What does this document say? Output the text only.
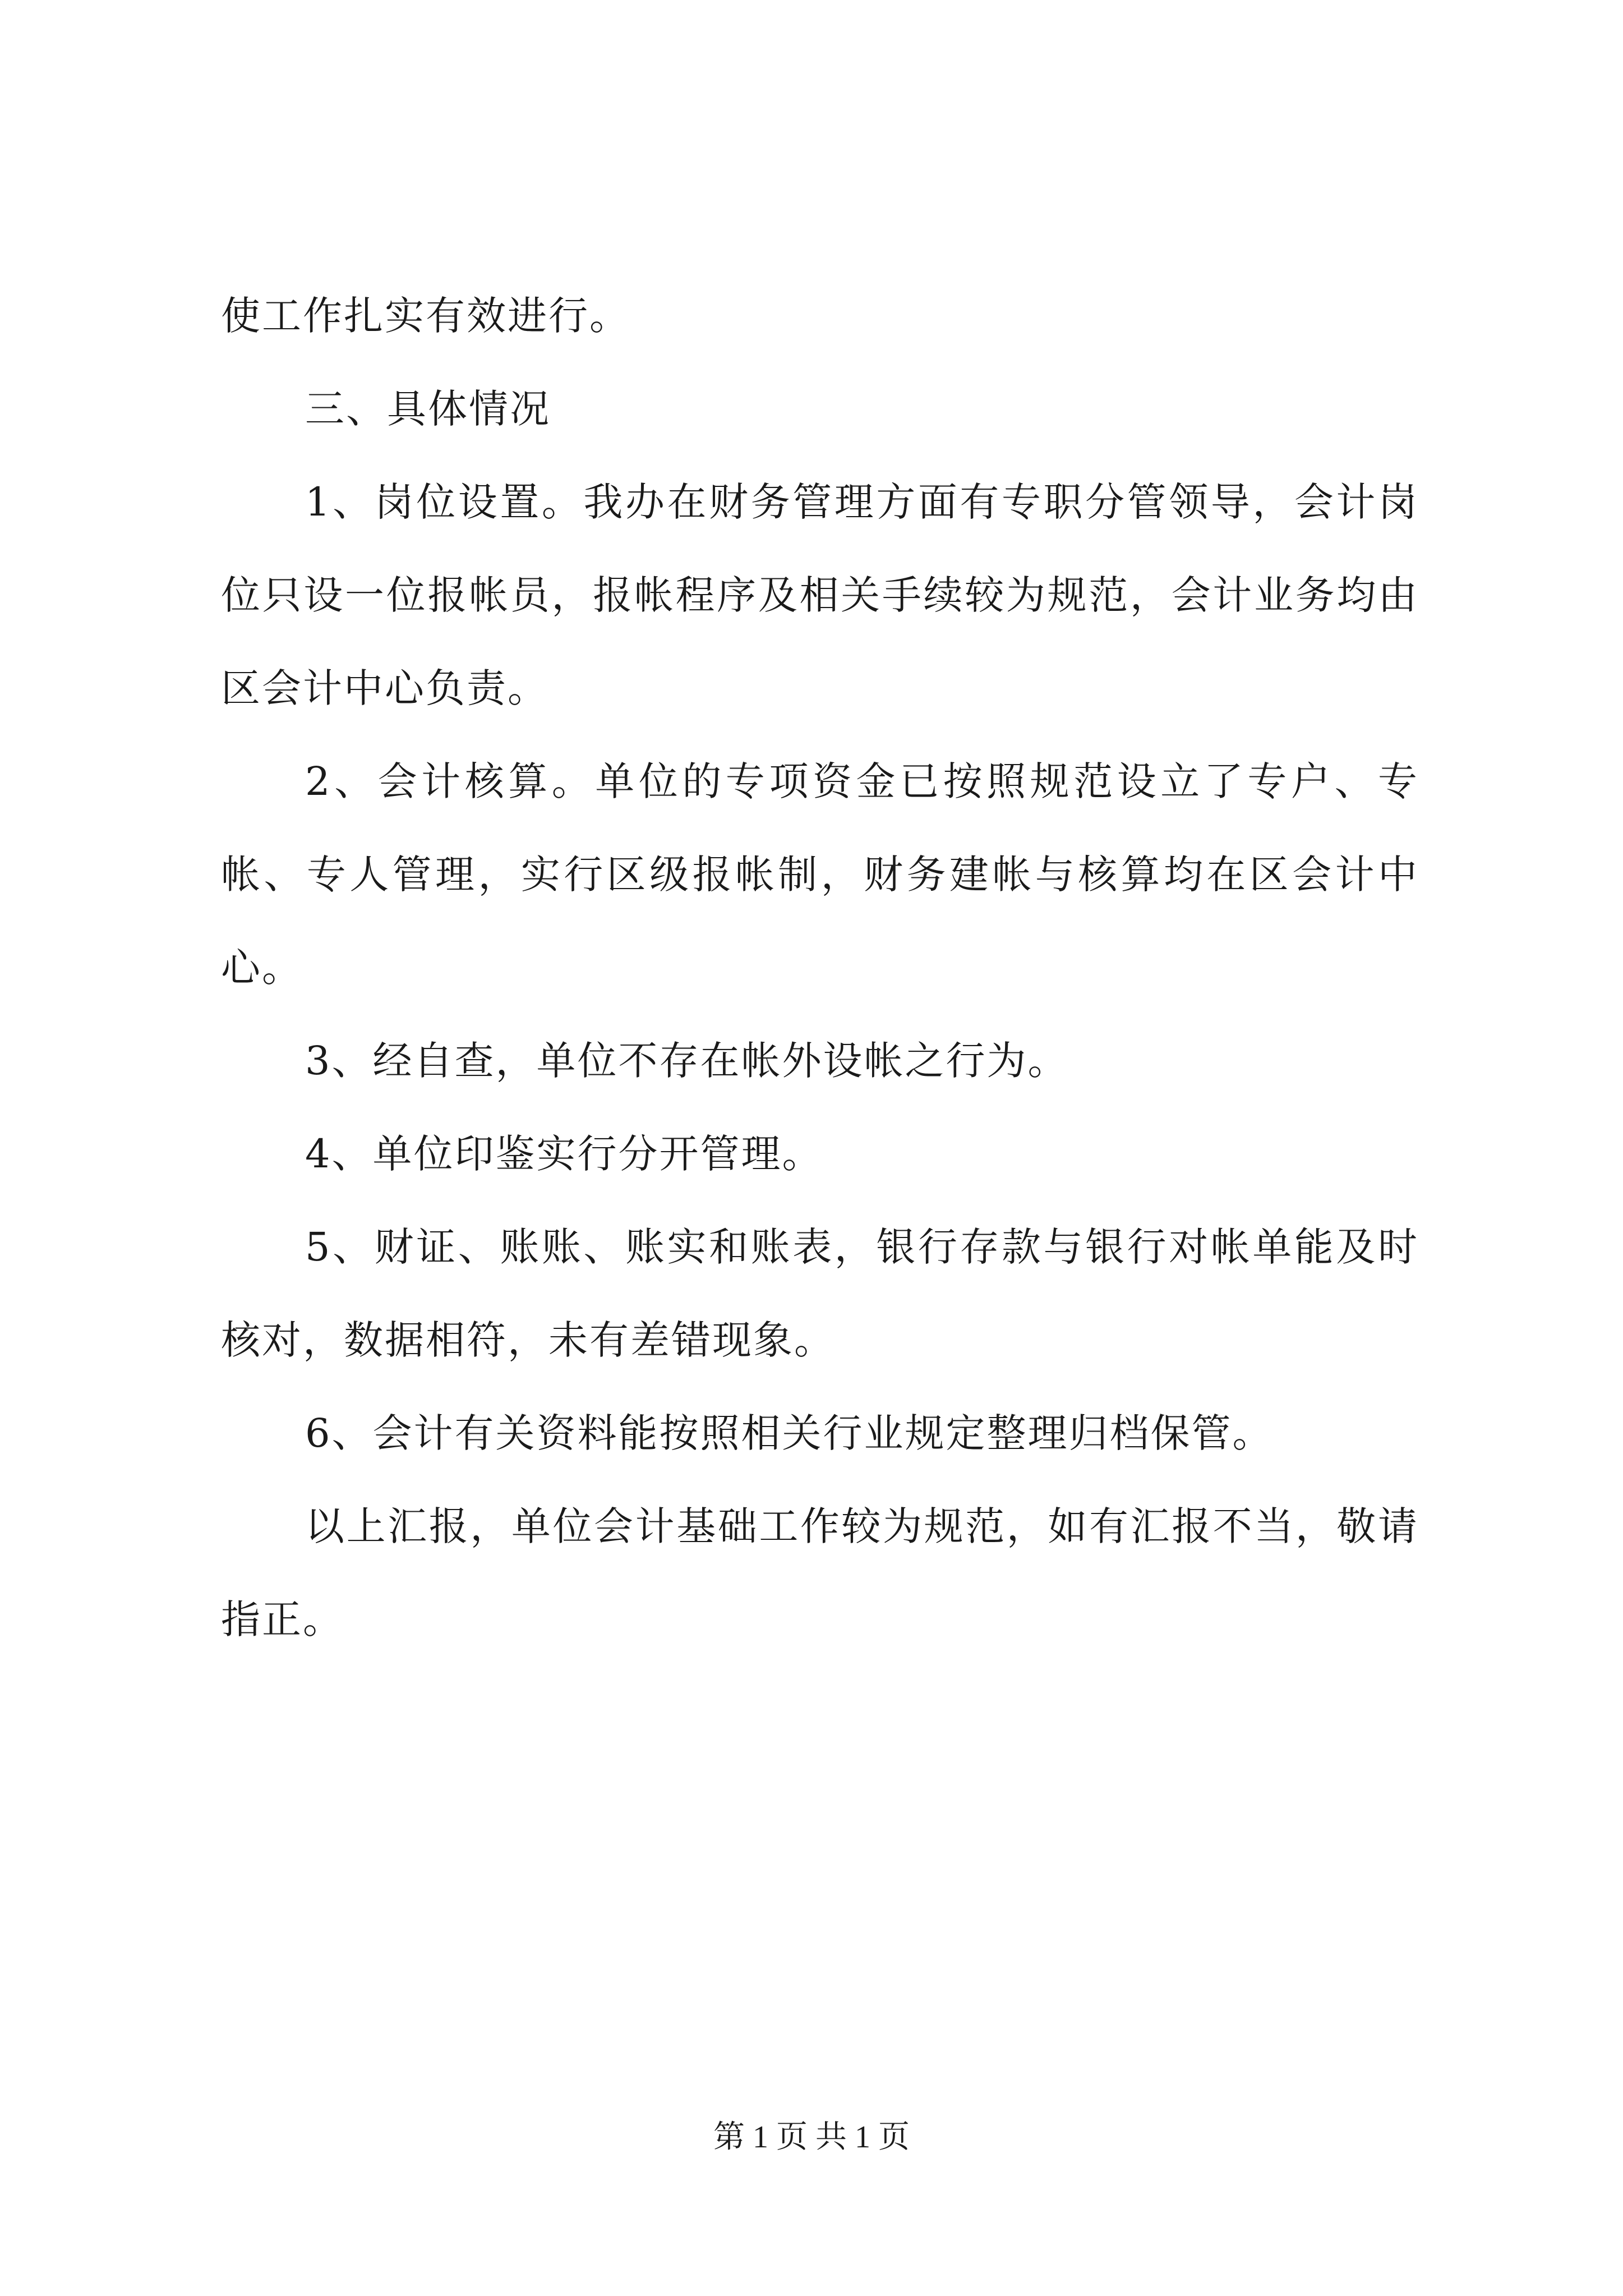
使工作扎实有效进行。

三、具体情况

1、岗位设置。我办在财务管理方面有专职分管领导，会计岗位只设一位报帐员，报帐程序及相关手续较为规范，会计业务均由区会计中心负责。

2、会计核算。单位的专项资金已按照规范设立了专户、专帐、专人管理，实行区级报帐制，财务建帐与核算均在区会计中心。

3、经自查，单位不存在帐外设帐之行为。

4、单位印鉴实行分开管理。

5、财证、账账、账实和账表，银行存款与银行对帐单能及时核对，数据相符，未有差错现象。

6、会计有关资料能按照相关行业规定整理归档保管。

以上汇报，单位会计基础工作较为规范，如有汇报不当，敬请指正。

第 1 页 共 1 页
